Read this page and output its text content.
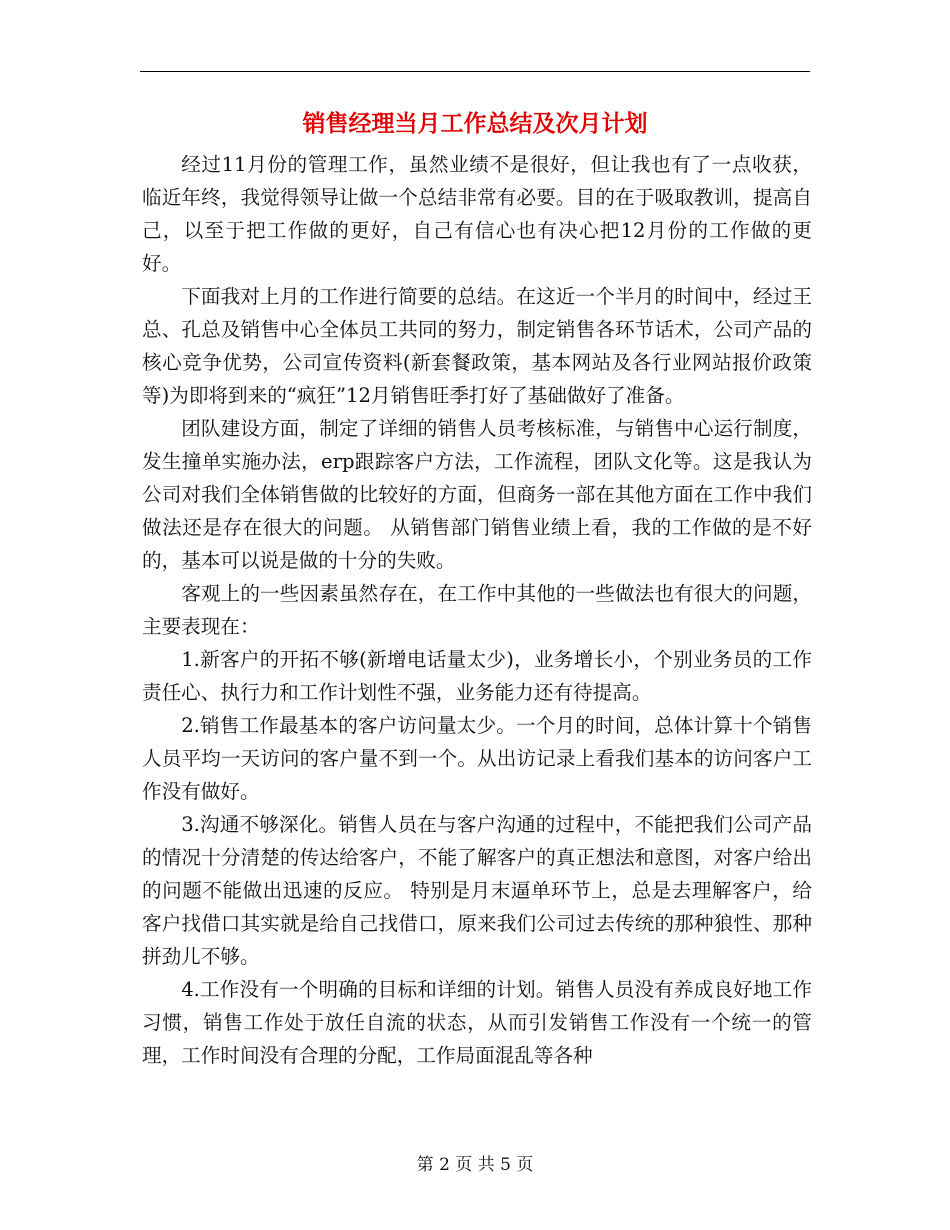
销售经理当月工作总结及次月计划

经过11月份的管理工作，虽然业绩不是很好，但让我也有了一点收获，临近年终，我觉得领导让做一个总结非常有必要。目的在于吸取教训，提高自己，以至于把工作做的更好，自己有信心也有决心把12月份的工作做的更好。

下面我对上月的工作进行简要的总结。在这近一个半月的时间中，经过王总、孔总及销售中心全体员工共同的努力，制定销售各环节话术，公司产品的核心竞争优势，公司宣传资料(新套餐政策，基本网站及各行业网站报价政策等)为即将到来的“疯狂”12月销售旺季打好了基础做好了准备。

团队建设方面，制定了详细的销售人员考核标准，与销售中心运行制度，发生撞单实施办法，erp跟踪客户方法，工作流程，团队文化等。这是我认为公司对我们全体销售做的比较好的方面，但商务一部在其他方面在工作中我们做法还是存在很大的问题。 从销售部门销售业绩上看，我的工作做的是不好的，基本可以说是做的十分的失败。

客观上的一些因素虽然存在，在工作中其他的一些做法也有很大的问题，主要表现在：

1.新客户的开拓不够(新增电话量太少)，业务增长小，个别业务员的工作责任心、执行力和工作计划性不强，业务能力还有待提高。

2.销售工作最基本的客户访问量太少。一个月的时间，总体计算十个销售人员平均一天访问的客户量不到一个。从出访记录上看我们基本的访问客户工作没有做好。

3.沟通不够深化。销售人员在与客户沟通的过程中，不能把我们公司产品的情况十分清楚的传达给客户，不能了解客户的真正想法和意图，对客户给出的问题不能做出迅速的反应。 特别是月末逼单环节上，总是去理解客户，给客户找借口其实就是给自己找借口，原来我们公司过去传统的那种狼性、那种拼劲儿不够。

4.工作没有一个明确的目标和详细的计划。销售人员没有养成良好地工作习惯，销售工作处于放任自流的状态，从而引发销售工作没有一个统一的管理，工作时间没有合理的分配，工作局面混乱等各种

第 2 页 共 5 页
